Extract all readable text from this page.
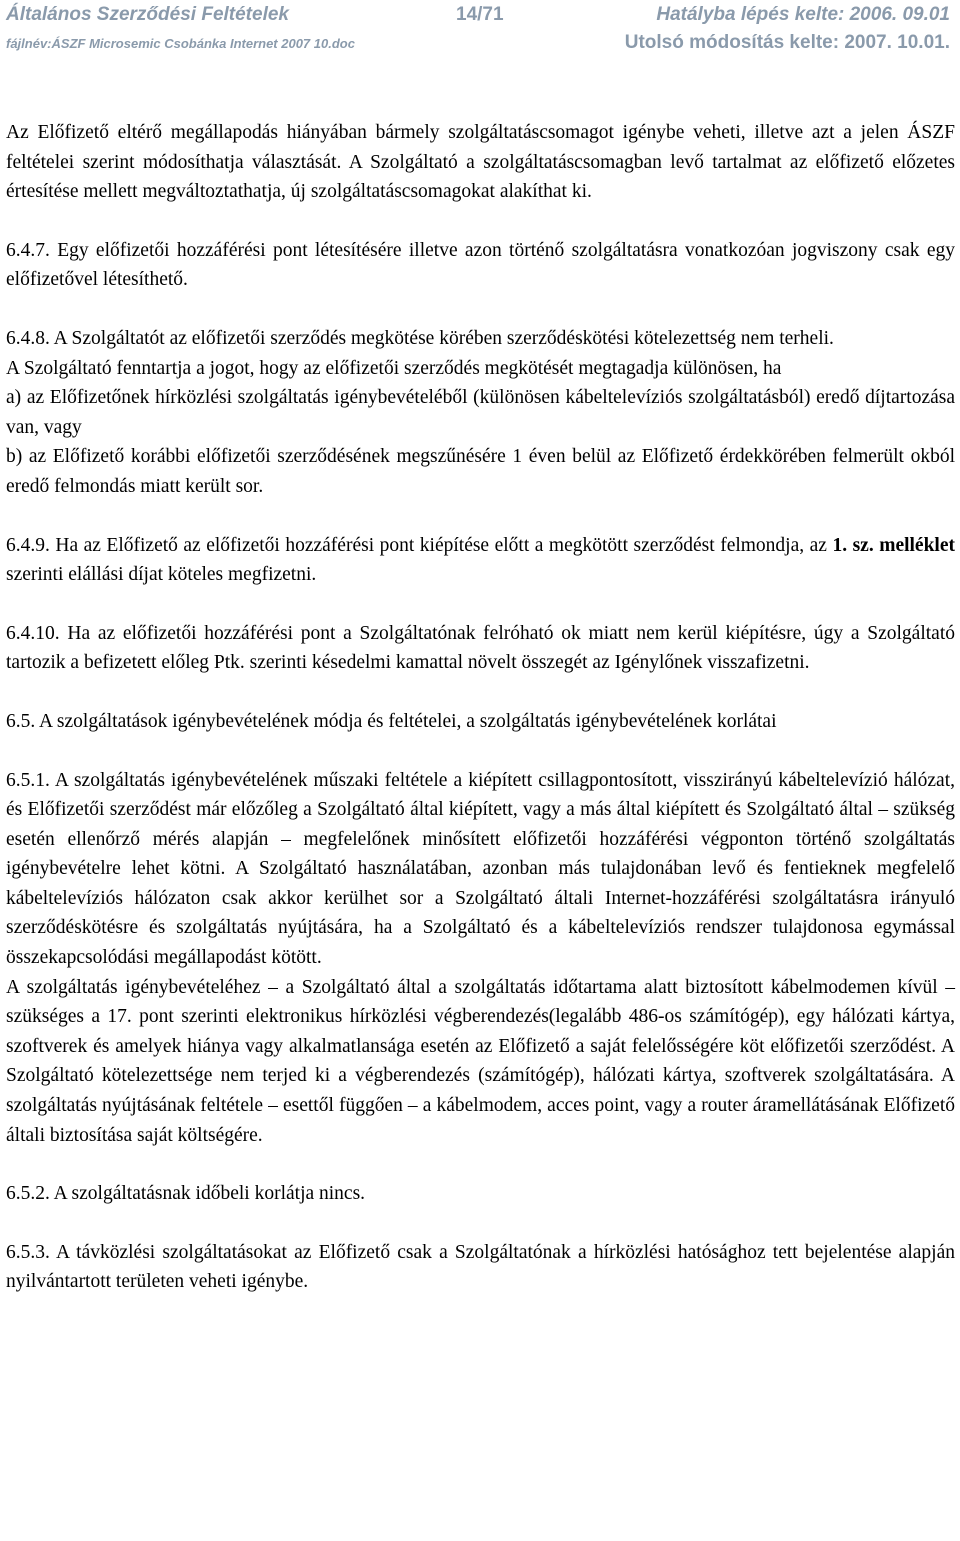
Általános Szerződési Feltételek	14/71	Hatályba lépés kelte: 2006. 09.01
fájlnév:ÁSZF Microsemic Csobánka Internet 2007 10.doc	Utolsó módosítás kelte: 2007. 10.01.

Az Előfizető eltérő megállapodás hiányában bármely szolgáltatáscsomagot igénybe veheti, illetve azt a jelen ÁSZF feltételei szerint módosíthatja választását. A Szolgáltató a szolgáltatáscsomagban levő tartalmat az előfizető előzetes értesítése mellett megváltoztathatja, új szolgáltatáscsomagokat alakíthat ki.

6.4.7. Egy előfizetői hozzáférési pont létesítésére illetve azon történő szolgáltatásra vonatkozóan jogviszony csak egy előfizetővel létesíthető.

6.4.8. A Szolgáltatót az előfizetői szerződés megkötése körében szerződéskötési kötelezettség nem terheli.

A Szolgáltató fenntartja a jogot, hogy az előfizetői szerződés megkötését megtagadja különösen, ha

a) az Előfizetőnek hírközlési szolgáltatás igénybevételéből (különösen kábeltelevíziós szolgáltatásból) eredő díjtartozása van, vagy

b) az Előfizető korábbi előfizetői szerződésének megszűnésére 1 éven belül az Előfizető érdekkörében felmerült okból eredő felmondás miatt került sor.

6.4.9. Ha az Előfizető az előfizetői hozzáférési pont kiépítése előtt a megkötött szerződést felmondja, az 1. sz. melléklet szerinti elállási díjat köteles megfizetni.

6.4.10. Ha az előfizetői hozzáférési pont a Szolgáltatónak felróható ok miatt nem kerül kiépítésre, úgy a Szolgáltató tartozik a befizetett előleg Ptk. szerinti késedelmi kamattal növelt összegét az Igénylőnek visszafizetni.

6.5. A szolgáltatások igénybevételének módja és feltételei, a szolgáltatás igénybevételének korlátai

6.5.1. A szolgáltatás igénybevételének műszaki feltétele a kiépített csillagpontosított, visszirányú kábeltelevízió hálózat, és Előfizetői szerződést már előzőleg a Szolgáltató által kiépített, vagy a más által kiépített és Szolgáltató által – szükség esetén ellenőrző mérés alapján – megfelelőnek minősített előfizetői hozzáférési végponton történő szolgáltatás igénybevételre lehet kötni. A Szolgáltató használatában, azonban más tulajdonában levő és fentieknek megfelelő kábeltelevíziós hálózaton csak akkor kerülhet sor a Szolgáltató általi Internet-hozzáférési szolgáltatásra irányuló szerződéskötésre és szolgáltatás nyújtására, ha a Szolgáltató és a kábeltelevíziós rendszer tulajdonosa egymással összekapcsolódási megállapodást kötött.

A szolgáltatás igénybevételéhez – a Szolgáltató által a szolgáltatás időtartama alatt biztosított kábelmodemen kívül – szükséges a 17. pont szerinti elektronikus hírközlési végberendezés(legalább 486-os számítógép), egy hálózati kártya, szoftverek és amelyek hiánya vagy alkalmatlansága esetén az Előfizető a saját felelősségére köt előfizetői szerződést. A Szolgáltató kötelezettsége nem terjed ki a végberendezés (számítógép), hálózati kártya, szoftverek szolgáltatására. A szolgáltatás nyújtásának feltétele – esettől függően – a kábelmodem, acces point, vagy a router áramellátásának Előfizető általi biztosítása saját költségére.

6.5.2. A szolgáltatásnak időbeli korlátja nincs.

6.5.3. A távközlési szolgáltatásokat az Előfizető csak a Szolgáltatónak a hírközlési hatósághoz tett bejelentése alapján nyilvántartott területen veheti igénybe.
